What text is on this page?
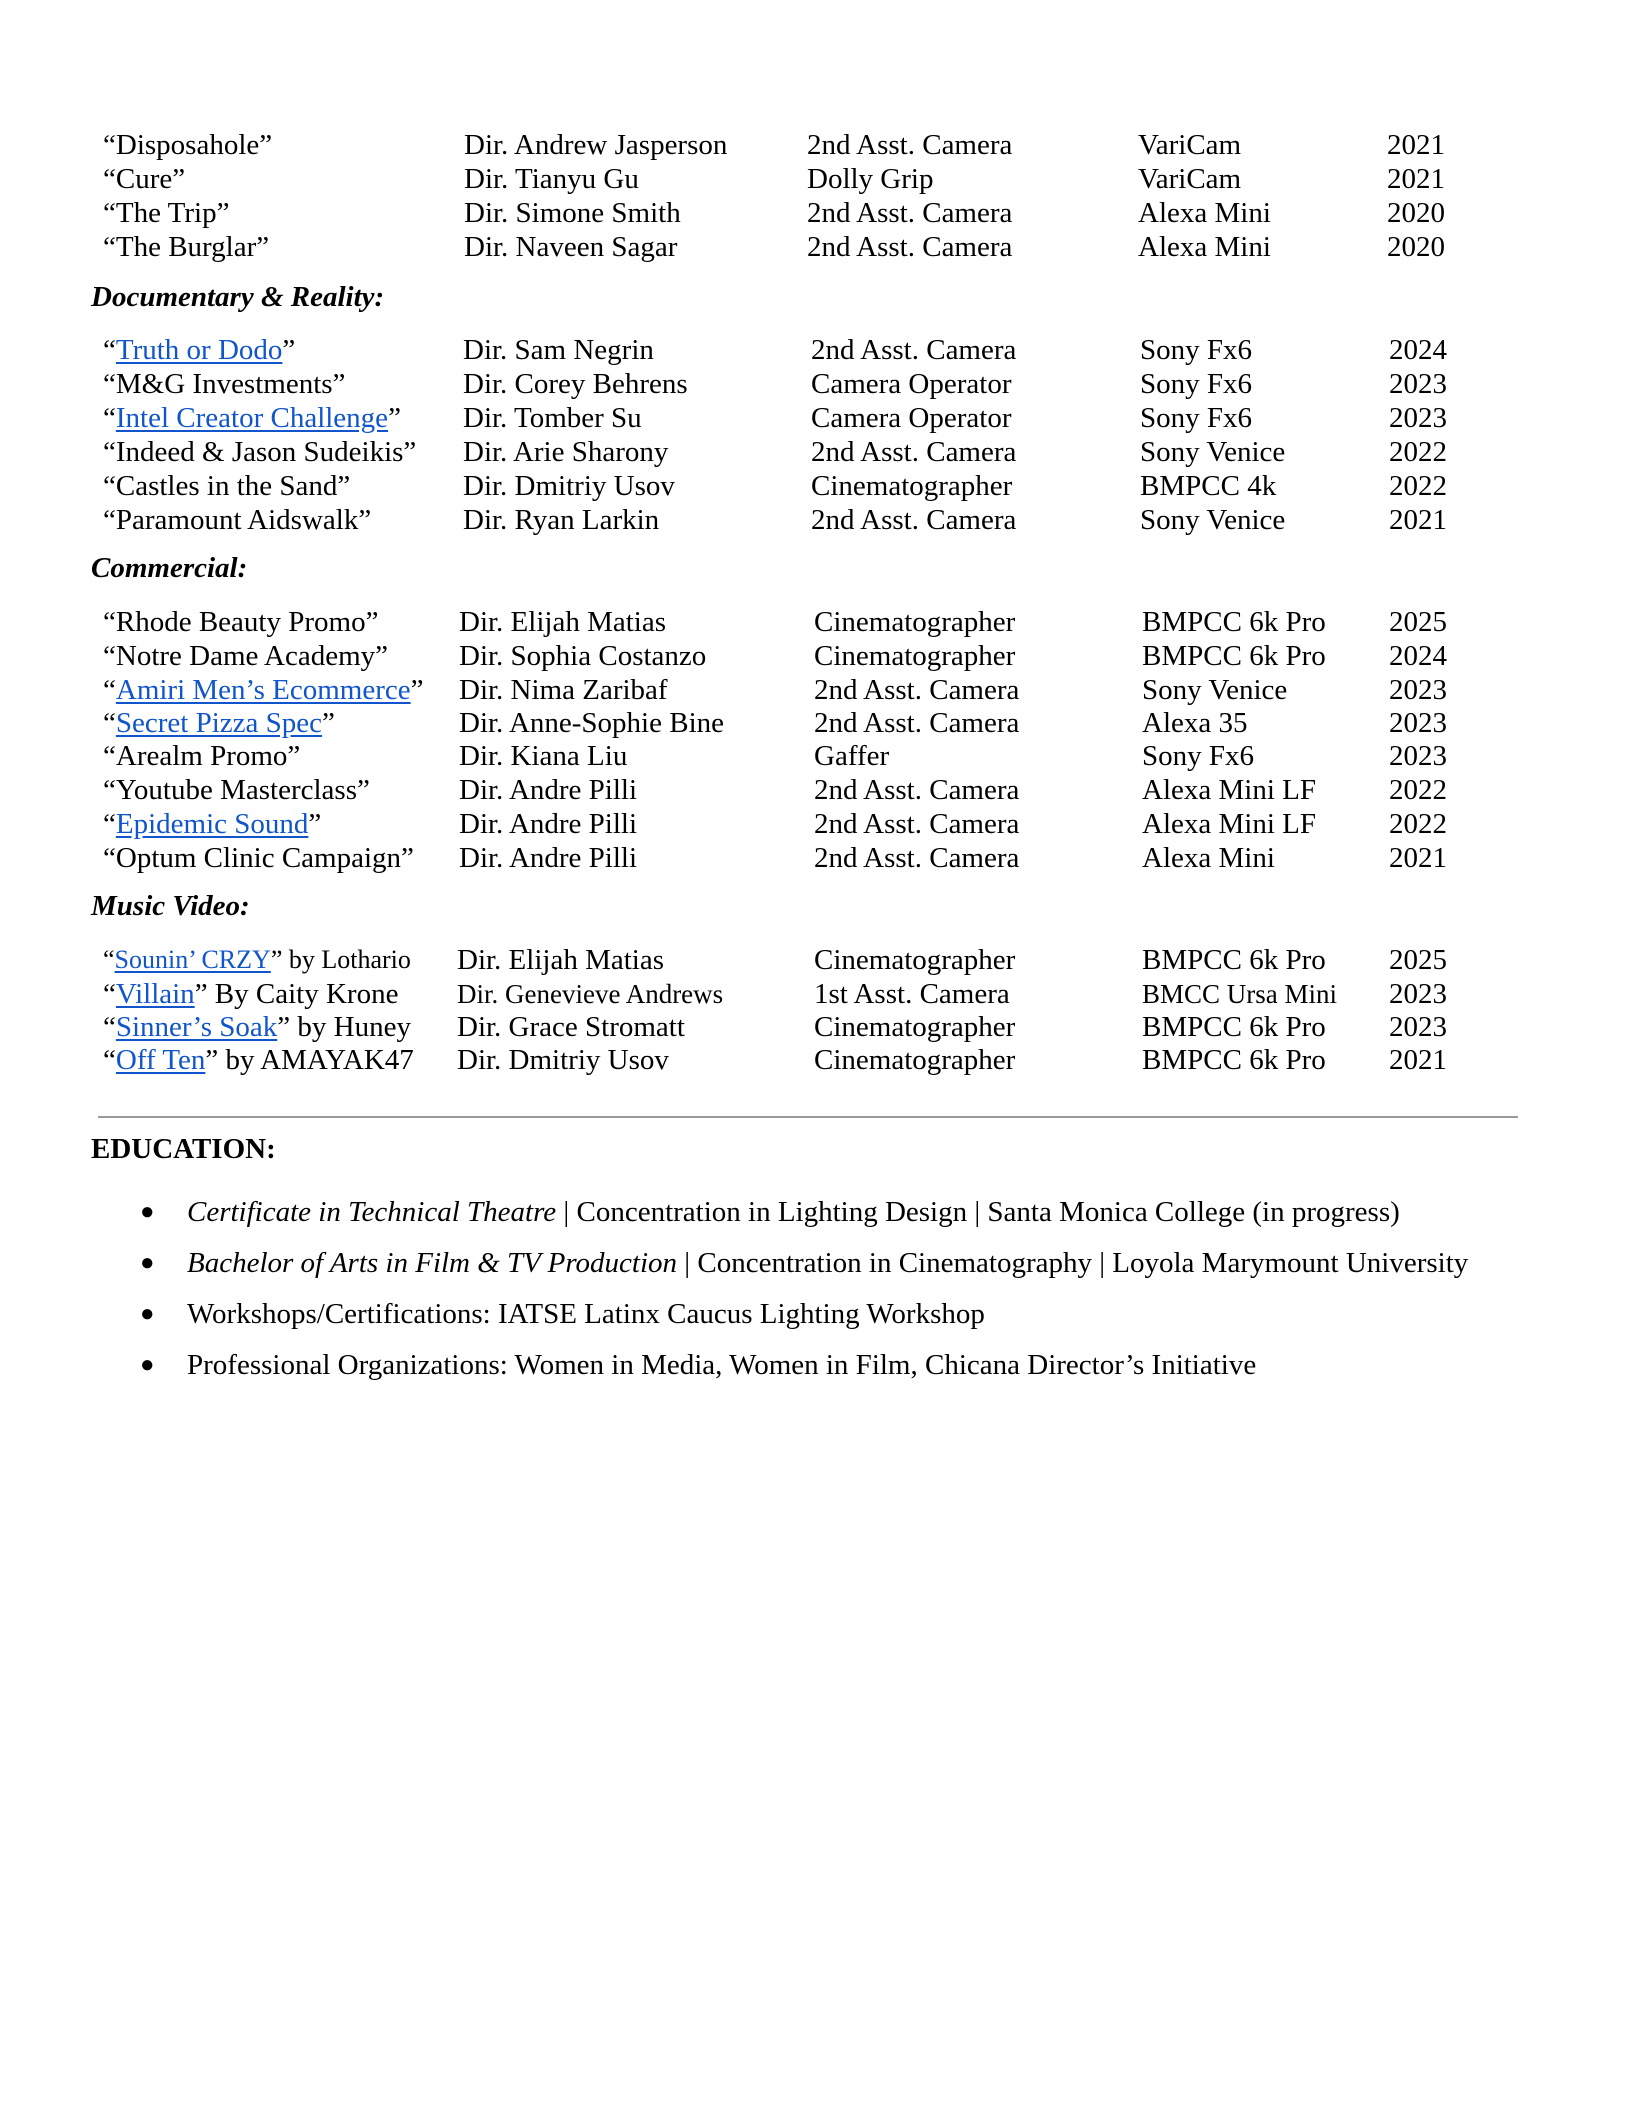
“Disposahole”	Dir. Andrew Jasperson	2nd Asst. Camera	VariCam	2021
“Cure”	Dir. Tianyu Gu	Dolly Grip	VariCam	2021
“The Trip”	Dir. Simone Smith	2nd Asst. Camera	Alexa Mini	2020
“The Burglar”	Dir. Naveen Sagar	2nd Asst. Camera	Alexa Mini	2020
Documentary & Reality:
“Truth or Dodo”	Dir. Sam Negrin	2nd Asst. Camera	Sony Fx6	2024
“M&G Investments”	Dir. Corey Behrens	Camera Operator	Sony Fx6	2023
“Intel Creator Challenge” Dir. Tomber Su	Camera Operator	Sony Fx6	2023
“Indeed & Jason Sudeikis” Dir. Arie Sharony	2nd Asst. Camera	Sony Venice	2022
“Castles in the Sand”	Dir. Dmitriy Usov	Cinematographer	BMPCC 4k	2022
“Paramount Aidswalk”	Dir. Ryan Larkin	2nd Asst. Camera	Sony Venice	2021
Commercial:
“Rhode Beauty Promo”	Dir. Elijah Matias	Cinematographer	BMPCC 6k Pro 2025
“Notre Dame Academy” Dir. Sophia Costanzo	Cinematographer	BMPCC 6k Pro 2024
“Amiri Men’s Ecommerce” Dir. Nima Zaribaf	2nd Asst. Camera	Sony Venice	2023
“Secret Pizza Spec”	Dir. Anne-Sophie Bine	2nd Asst. Camera	Alexa 35	2023
“Arealm Promo”	Dir. Kiana Liu	Gaffer	Sony Fx6	2023
“Youtube Masterclass”	Dir. Andre Pilli	2nd Asst. Camera	Alexa Mini LF	2022
“Epidemic Sound”	Dir. Andre Pilli	2nd Asst. Camera	Alexa Mini LF	2022
“Optum Clinic Campaign” Dir. Andre Pilli	2nd Asst. Camera	Alexa Mini	2021
Music Video:
“Sounin’ CRZY” by Lothario Dir. Elijah Matias	Cinematographer	BMPCC 6k Pro 2025
“Villain” By Caity Krone Dir. Genevieve Andrews	1st Asst. Camera	BMCC Ursa Mini 2023
“Sinner’s Soak” by Huney Dir. Grace Stromatt	Cinematographer	BMPCC 6k Pro 2023
“Off Ten” by AMAYAK47 Dir. Dmitriy Usov	Cinematographer	BMPCC 6k Pro 2021
EDUCATION:
● Certificate in Technical Theatre | Concentration in Lighting Design | Santa Monica College (in progress)
● Bachelor of Arts in Film & TV Production | Concentration in Cinematography | Loyola Marymount University
● Workshops/Certifications: IATSE Latinx Caucus Lighting Workshop
● Professional Organizations: Women in Media, Women in Film, Chicana Director’s Initiative
